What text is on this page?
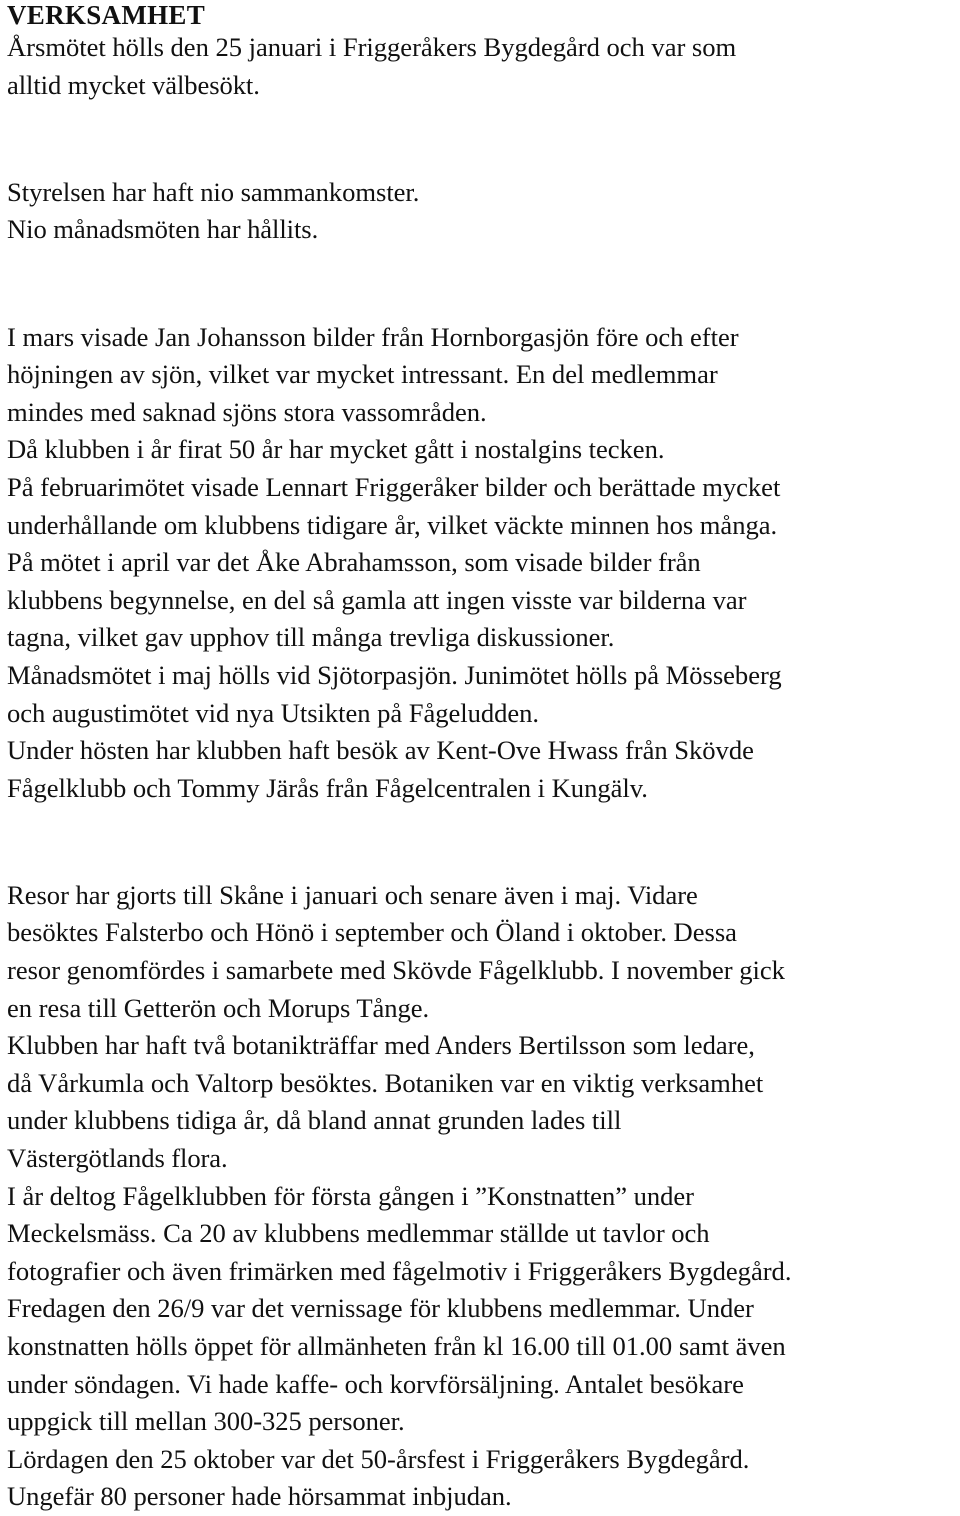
VERKSAMHET

Årsmötet hölls den 25 januari i Friggeråkers Bygdegård och var som

alltid mycket välbesökt.

Styrelsen har haft nio sammankomster.

Nio månadsmöten har hållits.

I mars visade Jan Johansson bilder från Hornborgasjön före och efter

höjningen av sjön, vilket var mycket intressant. En del medlemmar

mindes med saknad sjöns stora vassområden.

Då klubben i år firat 50 år har mycket gått i nostalgins tecken.

På februarimötet visade Lennart Friggeråker bilder och berättade mycket

underhållande om klubbens tidigare år, vilket väckte minnen hos många.

På mötet i april var det Åke Abrahamsson, som visade bilder från

klubbens begynnelse, en del så gamla att ingen visste var bilderna var

tagna, vilket gav upphov till många trevliga diskussioner.

Månadsmötet i maj hölls vid Sjötorpasjön. Junimötet hölls på Mösseberg

och augustimötet vid nya Utsikten på Fågeludden.

Under hösten har klubben haft besök av Kent-Ove Hwass från Skövde

Fågelklubb och Tommy Järås från Fågelcentralen i Kungälv.

Resor har gjorts till Skåne i januari och senare även i maj. Vidare

besöktes Falsterbo och Hönö i september och Öland i oktober. Dessa

resor genomfördes i samarbete med Skövde Fågelklubb. I november gick

en resa till Getterön och Morups Tånge.

Klubben har haft två botanikträffar med Anders Bertilsson som ledare,

då Vårkumla och Valtorp besöktes. Botaniken var en viktig verksamhet

under klubbens tidiga år, då bland annat grunden lades till

Västergötlands flora.

I år deltog Fågelklubben för första gången i ”Konstnatten” under

Meckelsmäss. Ca 20 av klubbens medlemmar ställde ut tavlor och

fotografier och även frimärken med fågelmotiv i Friggeråkers Bygdegård.

Fredagen den 26/9 var det vernissage för klubbens medlemmar. Under

konstnatten hölls öppet för allmänheten från kl 16.00 till 01.00 samt även

under söndagen. Vi hade kaffe- och korvförsäljning. Antalet besökare

uppgick till mellan 300-325 personer.

Lördagen den 25 oktober var det 50-årsfest i Friggeråkers Bygdegård.

Ungefär 80 personer hade hörsammat inbjudan.
